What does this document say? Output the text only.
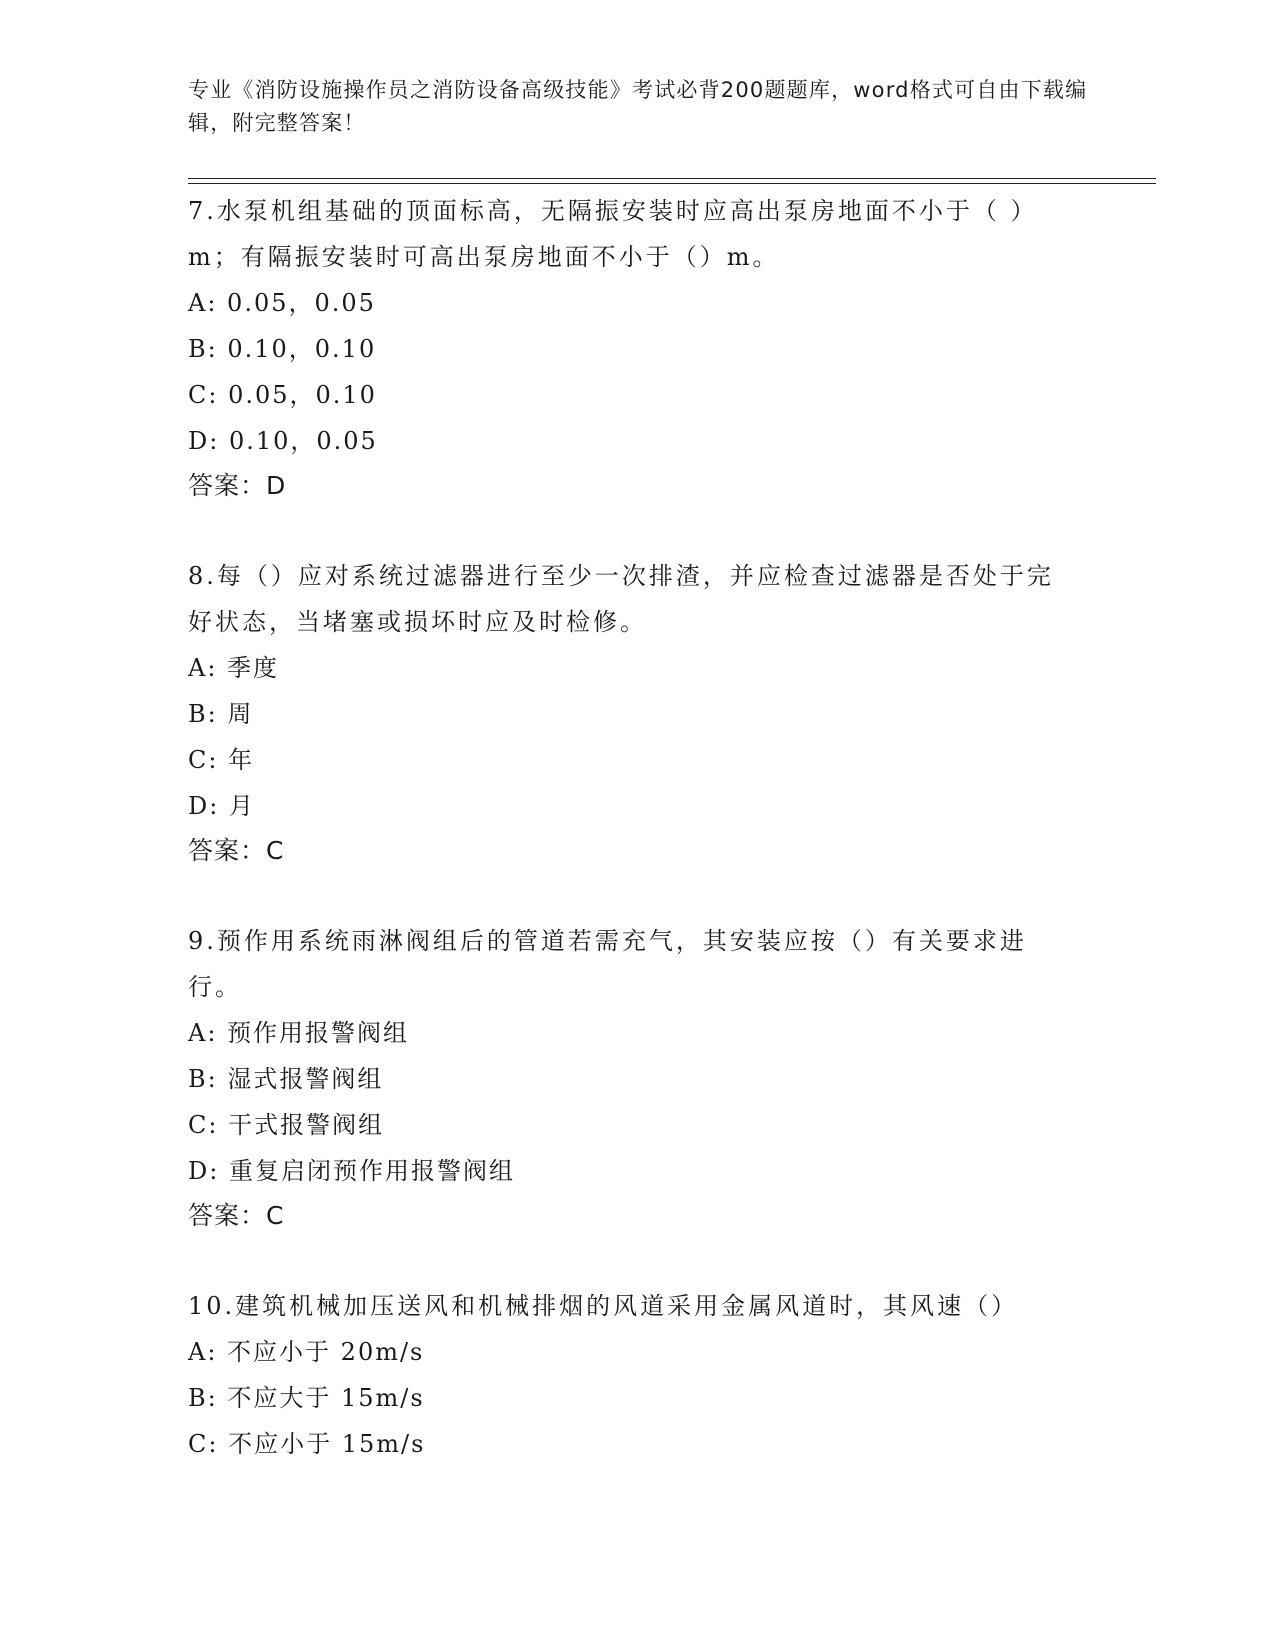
专业《消防设施操作员之消防设备高级技能》考试必背200题题库，word格式可自由下载编辑，附完整答案！

7.水泵机组基础的顶面标高，无隔振安装时应高出泵房地面不小于（ ）m；有隔振安装时可高出泵房地面不小于（）m。

A: 0.05，0.05
B: 0.10，0.10
C: 0.05，0.10
D: 0.10，0.05
答案：D

8.每（）应对系统过滤器进行至少一次排渣，并应检查过滤器是否处于完好状态，当堵塞或损坏时应及时检修。

A: 季度
B: 周
C: 年
D: 月
答案：C

9.预作用系统雨淋阀组后的管道若需充气，其安装应按（）有关要求进行。

A: 预作用报警阀组
B: 湿式报警阀组
C: 干式报警阀组
D: 重复启闭预作用报警阀组
答案：C

10.建筑机械加压送风和机械排烟的风道采用金属风道时，其风速（）

A: 不应小于 20m/s
B: 不应大于 15m/s
C: 不应小于 15m/s
